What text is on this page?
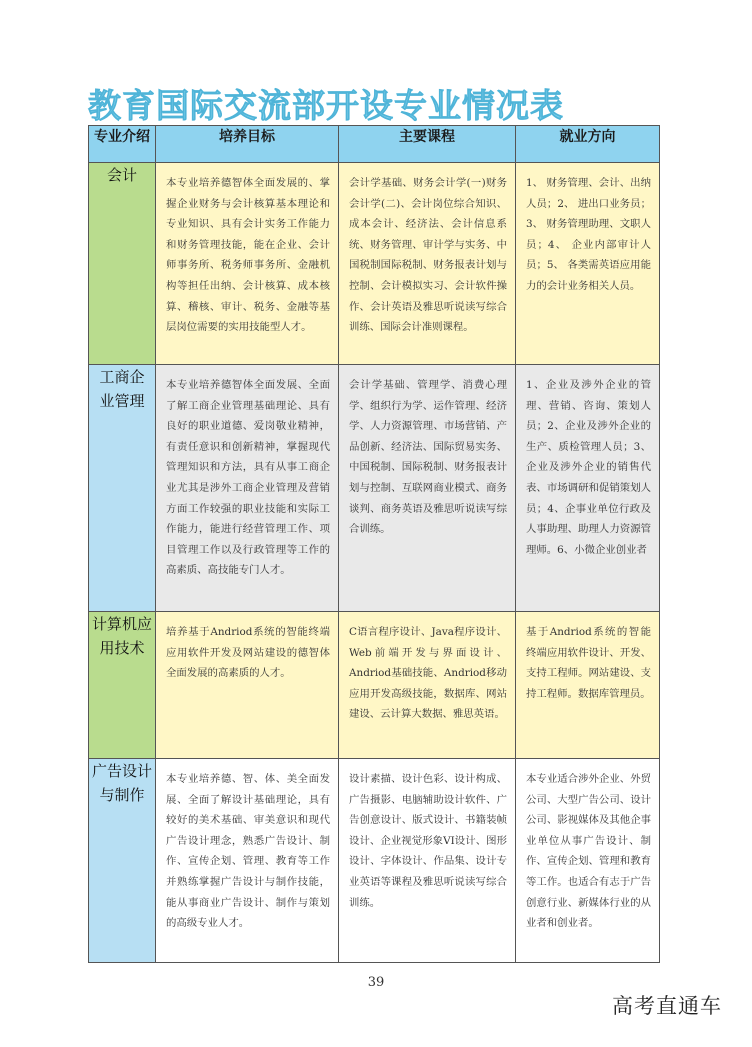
教育国际交流部开设专业情况表
专业介绍	培养目标	主要课程	就业方向
会计	本专业培养德智体全面发展的、掌握企业财务与会计核算基本理论和专业知识、具有会计实务工作能力和财务管理技能，能在企业、会计师事务所、税务师事务所、金融机构等担任出纳、会计核算、成本核算、稽核、审计、税务、金融等基层岗位需要的实用技能型人才。	会计学基础、财务会计学(一)财务会计学(二)、会计岗位综合知识、成本会计、经济法、会计信息系统、财务管理、审计学与实务、中国税制国际税制、财务报表计划与控制、会计模拟实习、会计软件操作、会计英语及雅思听说读写综合训练、国际会计准则课程。	1、 财务管理、会计、出纳人员；2、 进出口业务员；3、 财务管理助理、文职人员；4、 企业内部审计人员；5、 各类需英语应用能力的会计业务相关人员。

工商企业管理	本专业培养德智体全面发展、全面了解工商企业管理基础理论、具有良好的职业道德、爱岗敬业精神，有责任意识和创新精神，掌握现代管理知识和方法，具有从事工商企业尤其是涉外工商企业管理及营销方面工作较强的职业技能和实际工作能力，能进行经营管理工作、项目管理工作以及行政管理等工作的高素质、高技能专门人才。	会计学基础、管理学、消费心理学、组织行为学、运作管理、经济学、人力资源管理、市场营销、产品创新、经济法、国际贸易实务、中国税制、国际税制、财务报表计划与控制、互联网商业模式、商务谈判、商务英语及雅思听说读写综合训练。	1、企业及涉外企业的管理、营销、咨询、策划人员；2、企业及涉外企业的生产、质检管理人员；3、企业及涉外企业的销售代表、市场调研和促销策划人员；4、企事业单位行政及人事助理、助理人力资源管理师。6、小微企业创业者

计算机应用技术	培养基于Andriod系统的智能终端应用软件开发及网站建设的德智体全面发展的高素质的人才。	C语言程序设计、Java程序设计、Web前端开发与界面设计、Andriod基础技能、Andriod移动应用开发高级技能，数据库、网站建设、云计算大数据、雅思英语。	基于Andriod系统的智能终端应用软件设计、开发、支持工程师。网站建设、支持工程师。数据库管理员。

广告设计与制作	本专业培养德、智、体、美全面发展、全面了解设计基础理论，具有较好的美术基础、审美意识和现代广告设计理念，熟悉广告设计、制作、宣传企划、管理、教育等工作并熟练掌握广告设计与制作技能，能从事商业广告设计、制作与策划的高级专业人才。	设计素描、设计色彩、设计构成、广告摄影、电脑辅助设计软件、广告创意设计、版式设计、书籍装帧设计、企业视觉形象VI设计、图形设计、字体设计、作品集、设计专业英语等课程及雅思听说读写综合训练。	本专业适合涉外企业、外贸公司、大型广告公司、设计公司、影视媒体及其他企事业单位从事广告设计、制作、宣传企划、管理和教育等工作。也适合有志于广告创意行业、新媒体行业的从业者和创业者。
39
高考直通车
